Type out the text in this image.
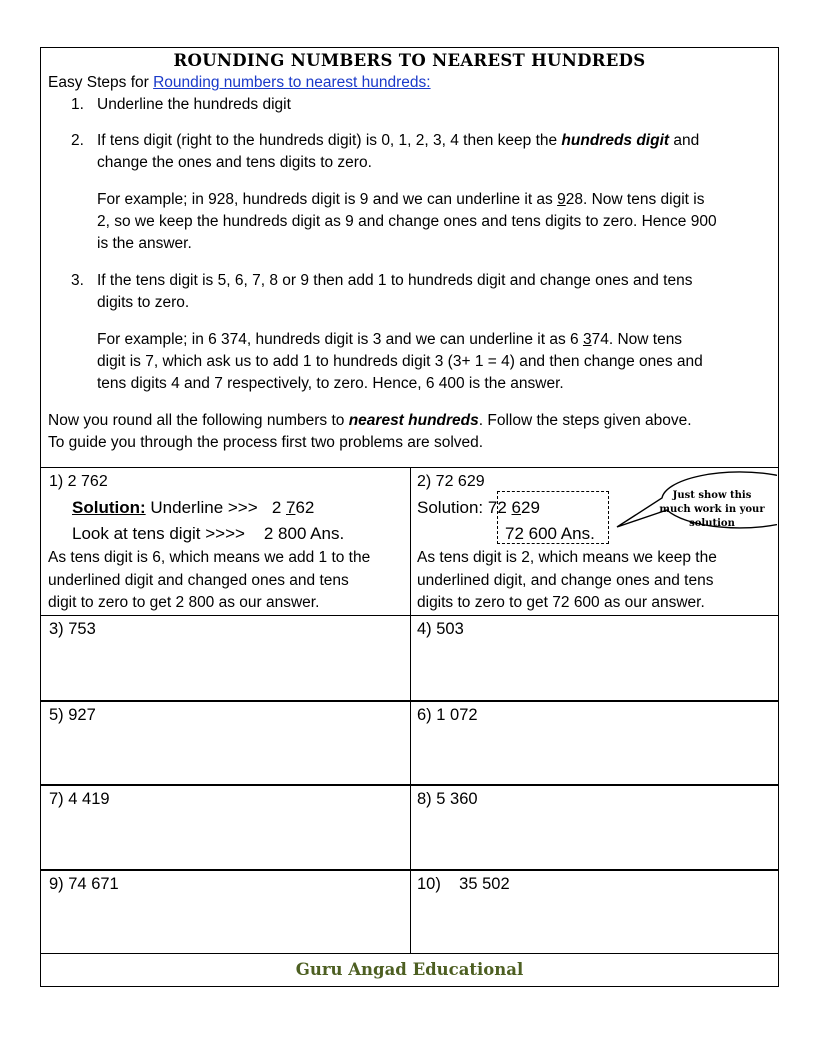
ROUNDING NUMBERS TO NEAREST HUNDREDS
Easy Steps for Rounding numbers to nearest hundreds:
1. Underline the hundreds digit
2. If tens digit (right to the hundreds digit) is 0, 1, 2, 3, 4 then keep the hundreds digit and
change the ones and tens digits to zero.
For example; in 928, hundreds digit is 9 and we can underline it as 928. Now tens digit is
2, so we keep the hundreds digit as 9 and change ones and tens digits to zero. Hence 900
is the answer.
3. If the tens digit is 5, 6, 7, 8 or 9 then add 1 to hundreds digit and change ones and tens
digits to zero.
For example; in 6 374, hundreds digit is 3 and we can underline it as 6 374. Now tens
digit is 7, which ask us to add 1 to hundreds digit 3 (3+ 1 = 4) and then change ones and
tens digits 4 and 7 respectively, to zero. Hence, 6 400 is the answer.
Now you round all the following numbers to nearest hundreds. Follow the steps given above.
To guide you through the process first two problems are solved.
1) 2 762
Solution: Underline >>>   2 762
Look at tens digit >>>>    2 800 Ans.
As tens digit is 6, which means we add 1 to the
underlined digit and changed ones and tens
digit to zero to get 2 800 as our answer.
2) 72 629
Solution: 72 629
72 600 Ans.
As tens digit is 2, which means we keep the
underlined digit, and change ones and tens
digits to zero to get 72 600 as our answer.
Just show this much work in your solution
3) 753	4) 503
5) 927	6) 1 072
7) 4 419	8) 5 360
9) 74 671	10)    35 502
Guru Angad Educational
